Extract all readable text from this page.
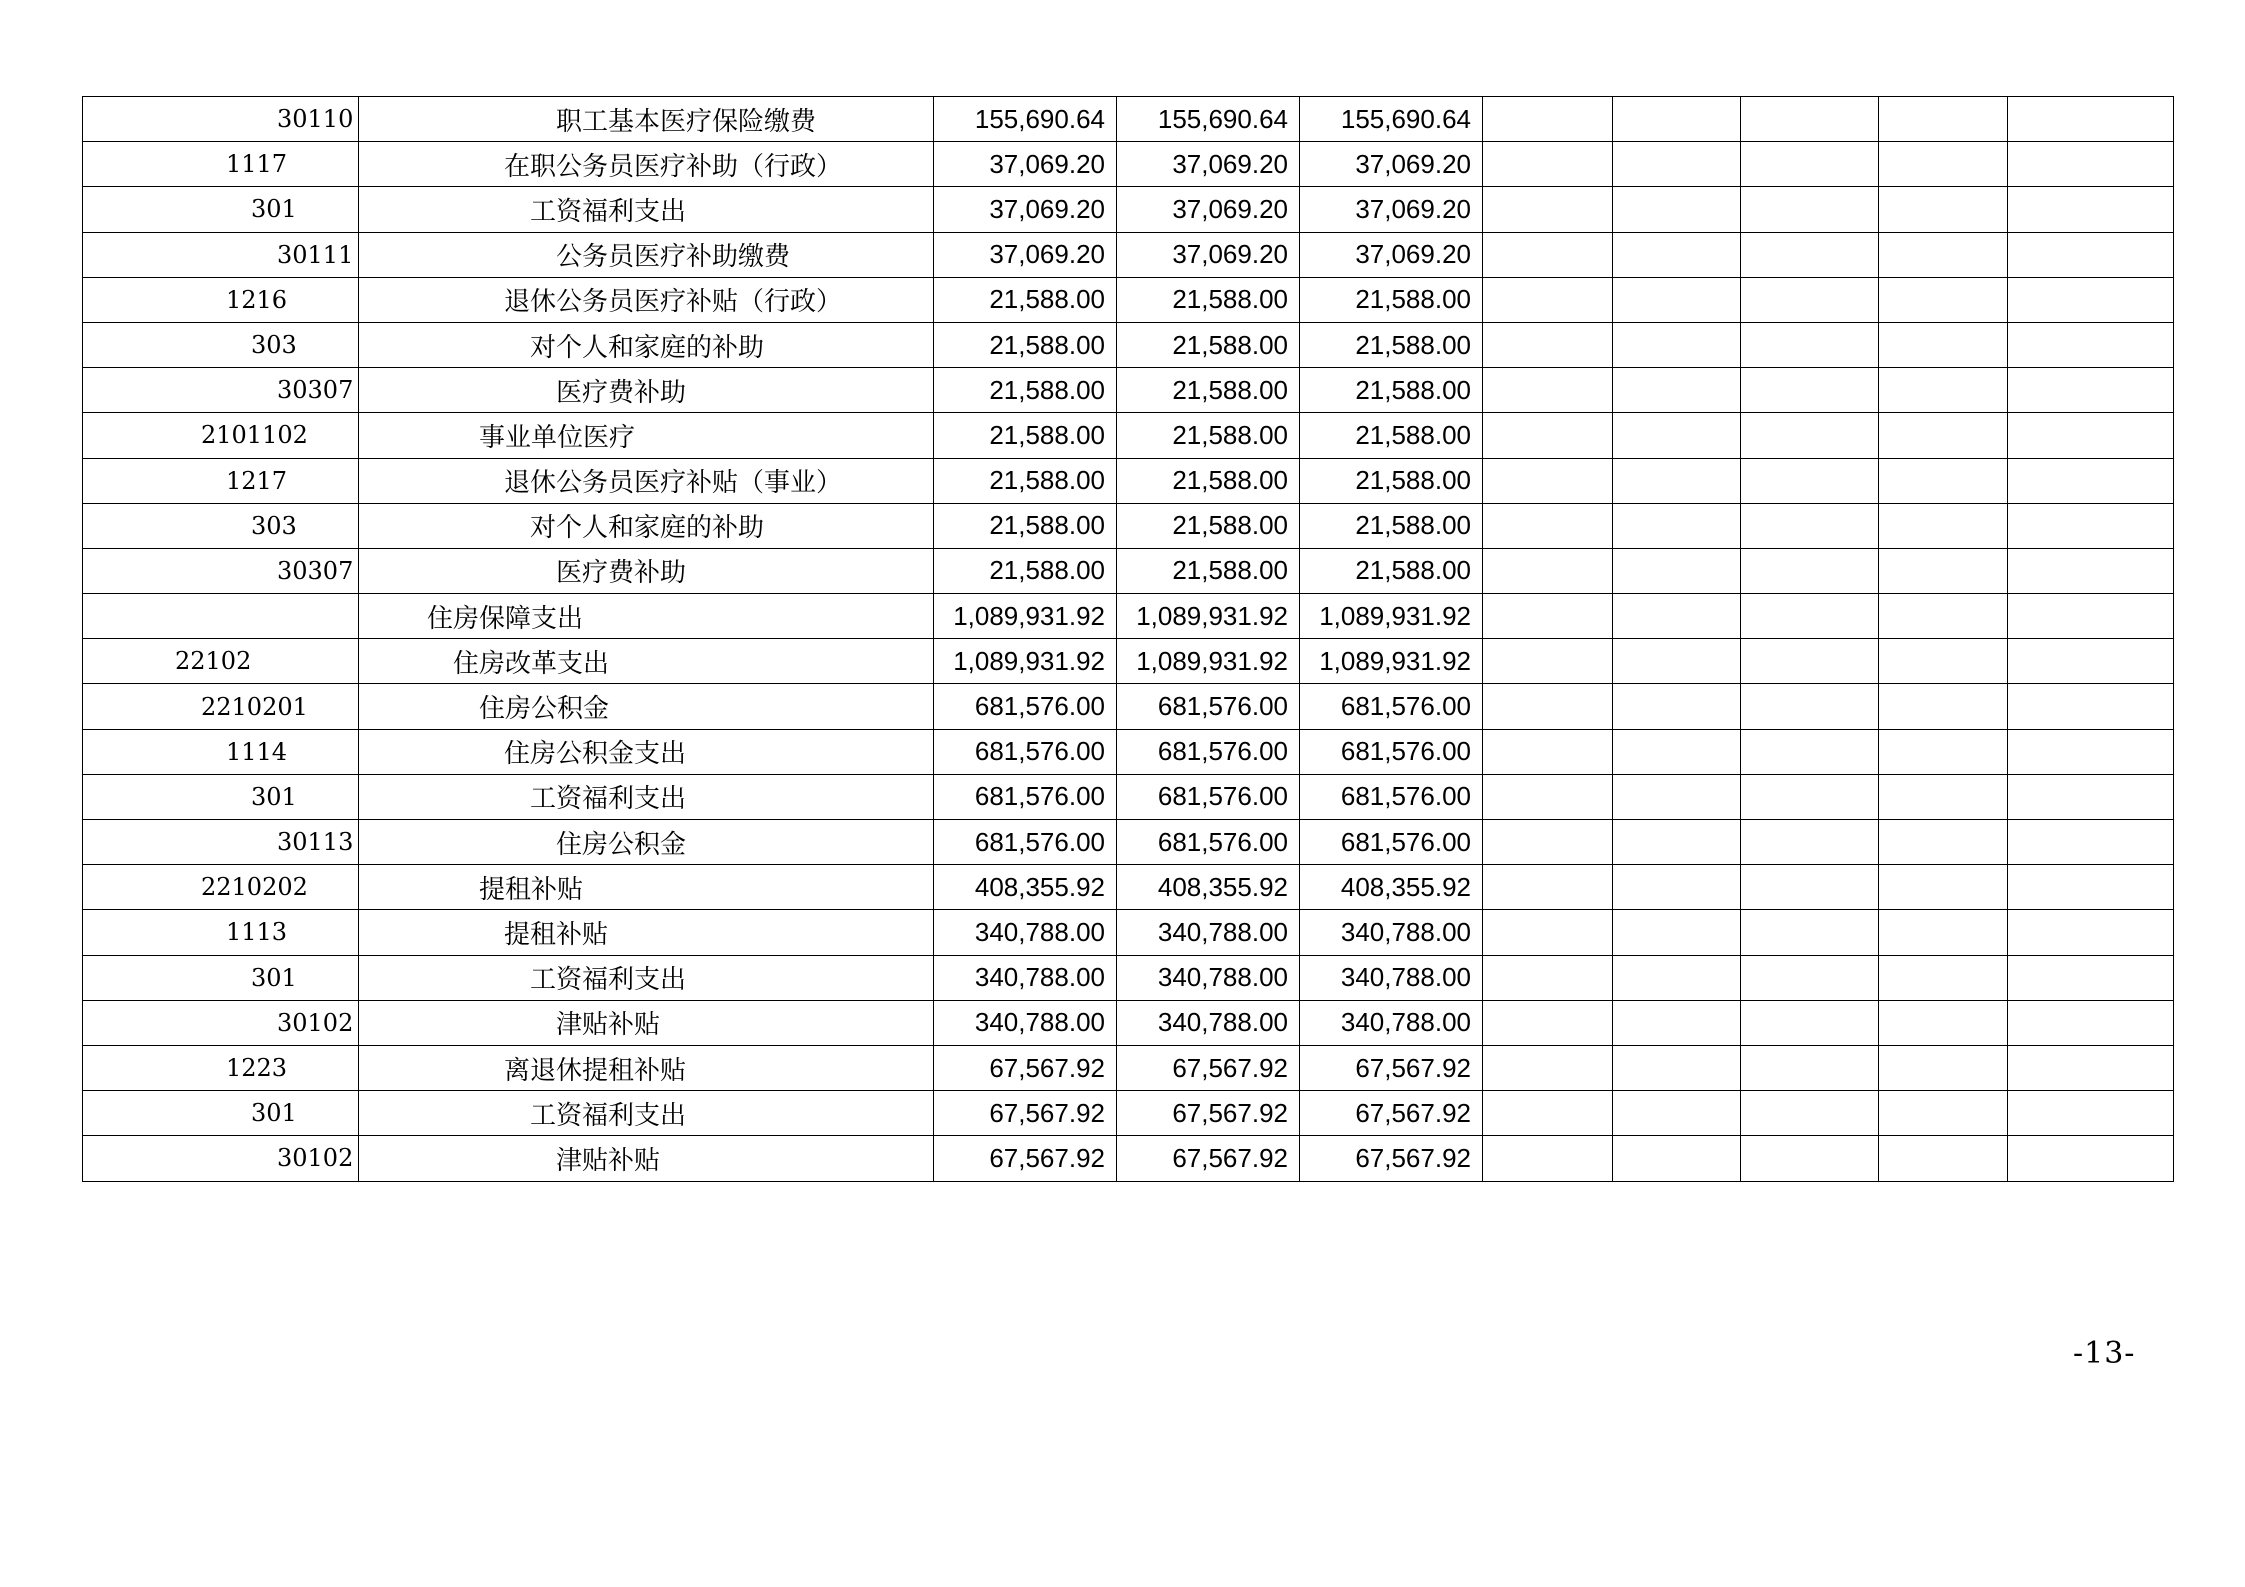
30110	职工基本医疗保险缴费	155,690.64	155,690.64	155,690.64					
1117	在职公务员医疗补助（行政）	37,069.20	37,069.20	37,069.20					
301	工资福利支出	37,069.20	37,069.20	37,069.20					
30111	公务员医疗补助缴费	37,069.20	37,069.20	37,069.20					
1216	退休公务员医疗补贴（行政）	21,588.00	21,588.00	21,588.00					
303	对个人和家庭的补助	21,588.00	21,588.00	21,588.00					
30307	医疗费补助	21,588.00	21,588.00	21,588.00					
2101102	事业单位医疗	21,588.00	21,588.00	21,588.00					
1217	退休公务员医疗补贴（事业）	21,588.00	21,588.00	21,588.00					
303	对个人和家庭的补助	21,588.00	21,588.00	21,588.00					
30307	医疗费补助	21,588.00	21,588.00	21,588.00					
	住房保障支出	1,089,931.92	1,089,931.92	1,089,931.92					
22102	住房改革支出	1,089,931.92	1,089,931.92	1,089,931.92					
2210201	住房公积金	681,576.00	681,576.00	681,576.00					
1114	住房公积金支出	681,576.00	681,576.00	681,576.00					
301	工资福利支出	681,576.00	681,576.00	681,576.00					
30113	住房公积金	681,576.00	681,576.00	681,576.00					
2210202	提租补贴	408,355.92	408,355.92	408,355.92					
1113	提租补贴	340,788.00	340,788.00	340,788.00					
301	工资福利支出	340,788.00	340,788.00	340,788.00					
30102	津贴补贴	340,788.00	340,788.00	340,788.00					
1223	离退休提租补贴	67,567.92	67,567.92	67,567.92					
301	工资福利支出	67,567.92	67,567.92	67,567.92					
30102	津贴补贴	67,567.92	67,567.92	67,567.92					
-13-
